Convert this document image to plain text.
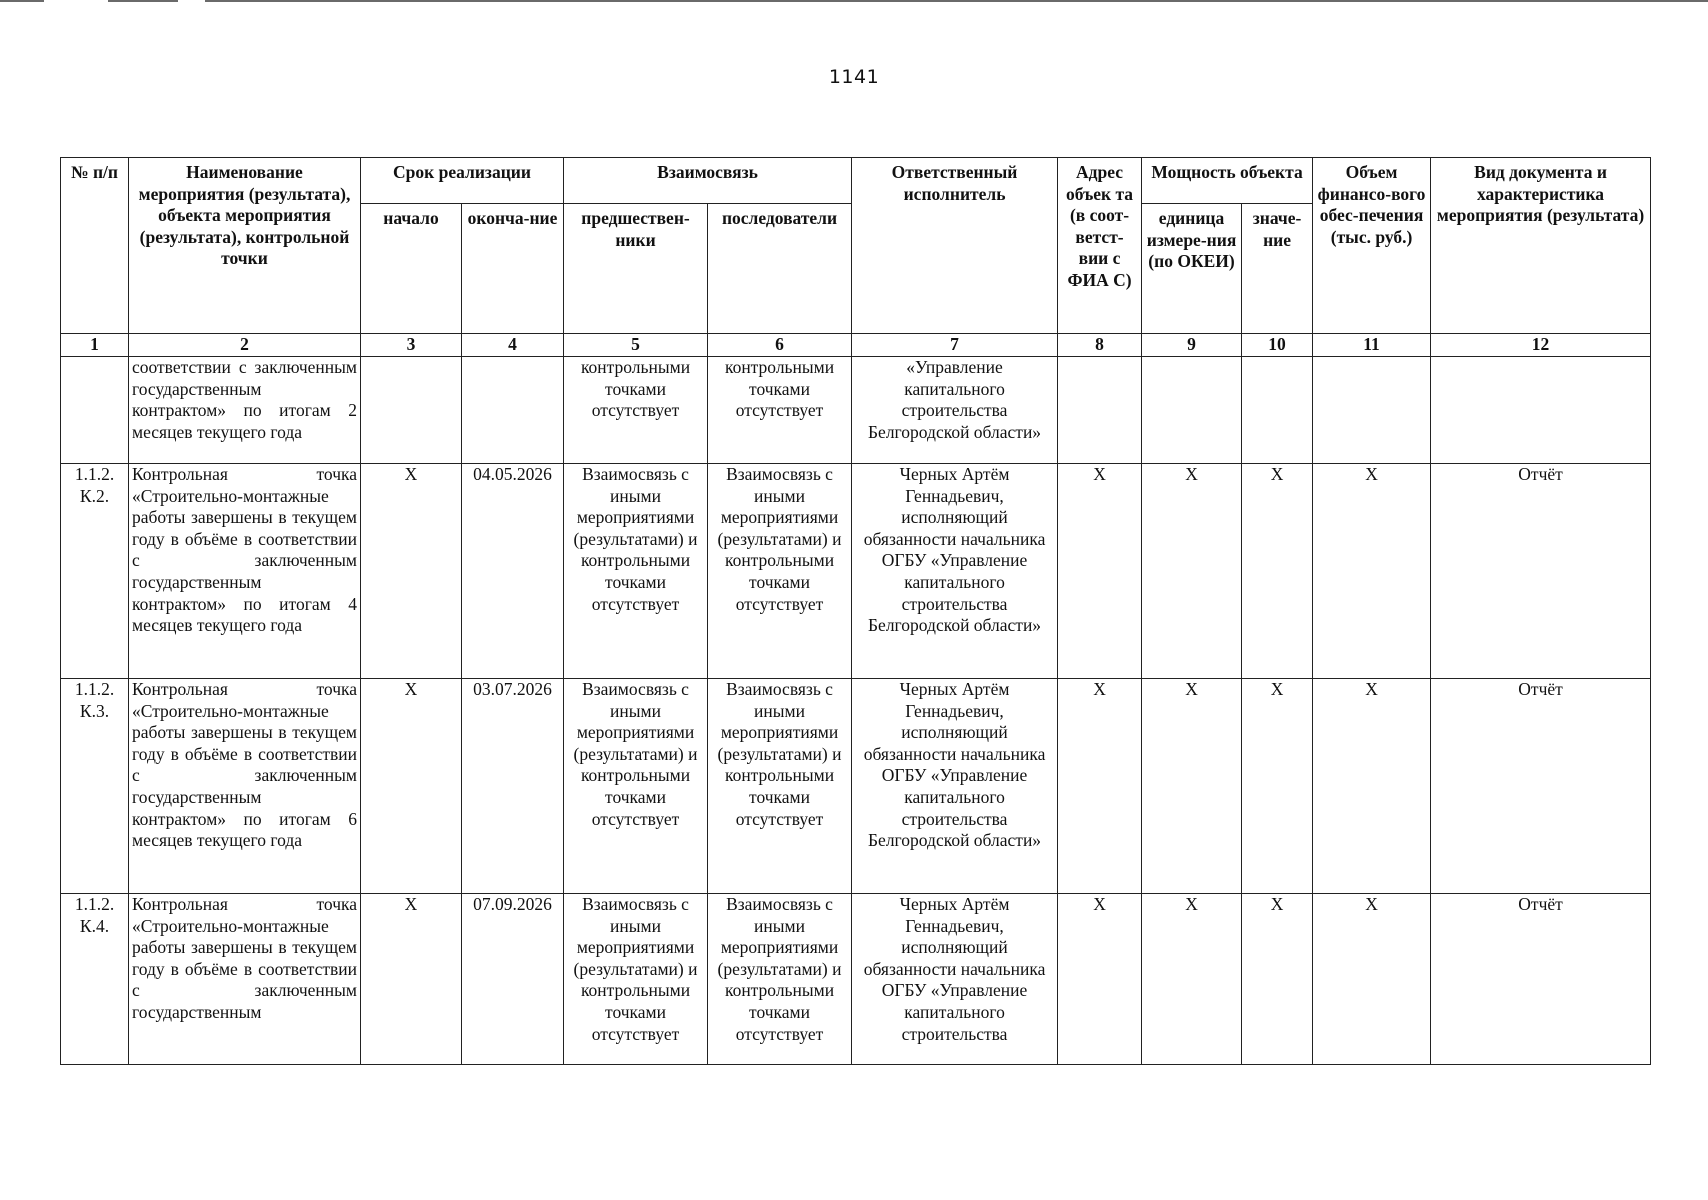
1141
№ п/п	Наименование мероприятия (результата), объекта мероприятия (результата), контрольной точки	Срок реализации		Взаимосвязь		Ответственный исполнитель	Адрес объек та (в соот-ветст-вии с ФИА С)	Мощность объекта		Объем финансо-вого обес-печения (тыс. руб.)	Вид документа и характеристика мероприятия (результата)
		начало	оконча-ние	предшествен-ники	последователи			единица измере-ния (по ОКЕИ)	значе-ние		
1	2	3	4	5	6	7	8	9	10	11	12
	соответствии с заключенным государственным контрактом» по итогам 2 месяцев текущего года			контрольными точками отсутствует	контрольными точками отсутствует	«Управление капитального строительства Белгородской области»					
1.1.2. К.2.	Контрольная точка «Строительно-монтажные работы завершены в текущем году в объёме в соответствии с заключенным государственным контрактом» по итогам 4 месяцев текущего года	Х	04.05.2026	Взаимосвязь с иными мероприятиями (результатами) и контрольными точками отсутствует	Взаимосвязь с иными мероприятиями (результатами) и контрольными точками отсутствует	Черных Артём Геннадьевич, исполняющий обязанности начальника ОГБУ «Управление капитального строительства Белгородской области»	Х	Х	Х	Х	Отчёт
1.1.2. К.3.	Контрольная точка «Строительно-монтажные работы завершены в текущем году в объёме в соответствии с заключенным государственным контрактом» по итогам 6 месяцев текущего года	Х	03.07.2026	Взаимосвязь с иными мероприятиями (результатами) и контрольными точками отсутствует	Взаимосвязь с иными мероприятиями (результатами) и контрольными точками отсутствует	Черных Артём Геннадьевич, исполняющий обязанности начальника ОГБУ «Управление капитального строительства Белгородской области»	Х	Х	Х	Х	Отчёт
1.1.2. К.4.	Контрольная точка «Строительно-монтажные работы завершены в текущем году в объёме в соответствии с заключенным государственным	Х	07.09.2026	Взаимосвязь с иными мероприятиями (результатами) и контрольными точками отсутствует	Взаимосвязь с иными мероприятиями (результатами) и контрольными точками отсутствует	Черных Артём Геннадьевич, исполняющий обязанности начальника ОГБУ «Управление капитального строительства	Х	Х	Х	Х	Отчёт
